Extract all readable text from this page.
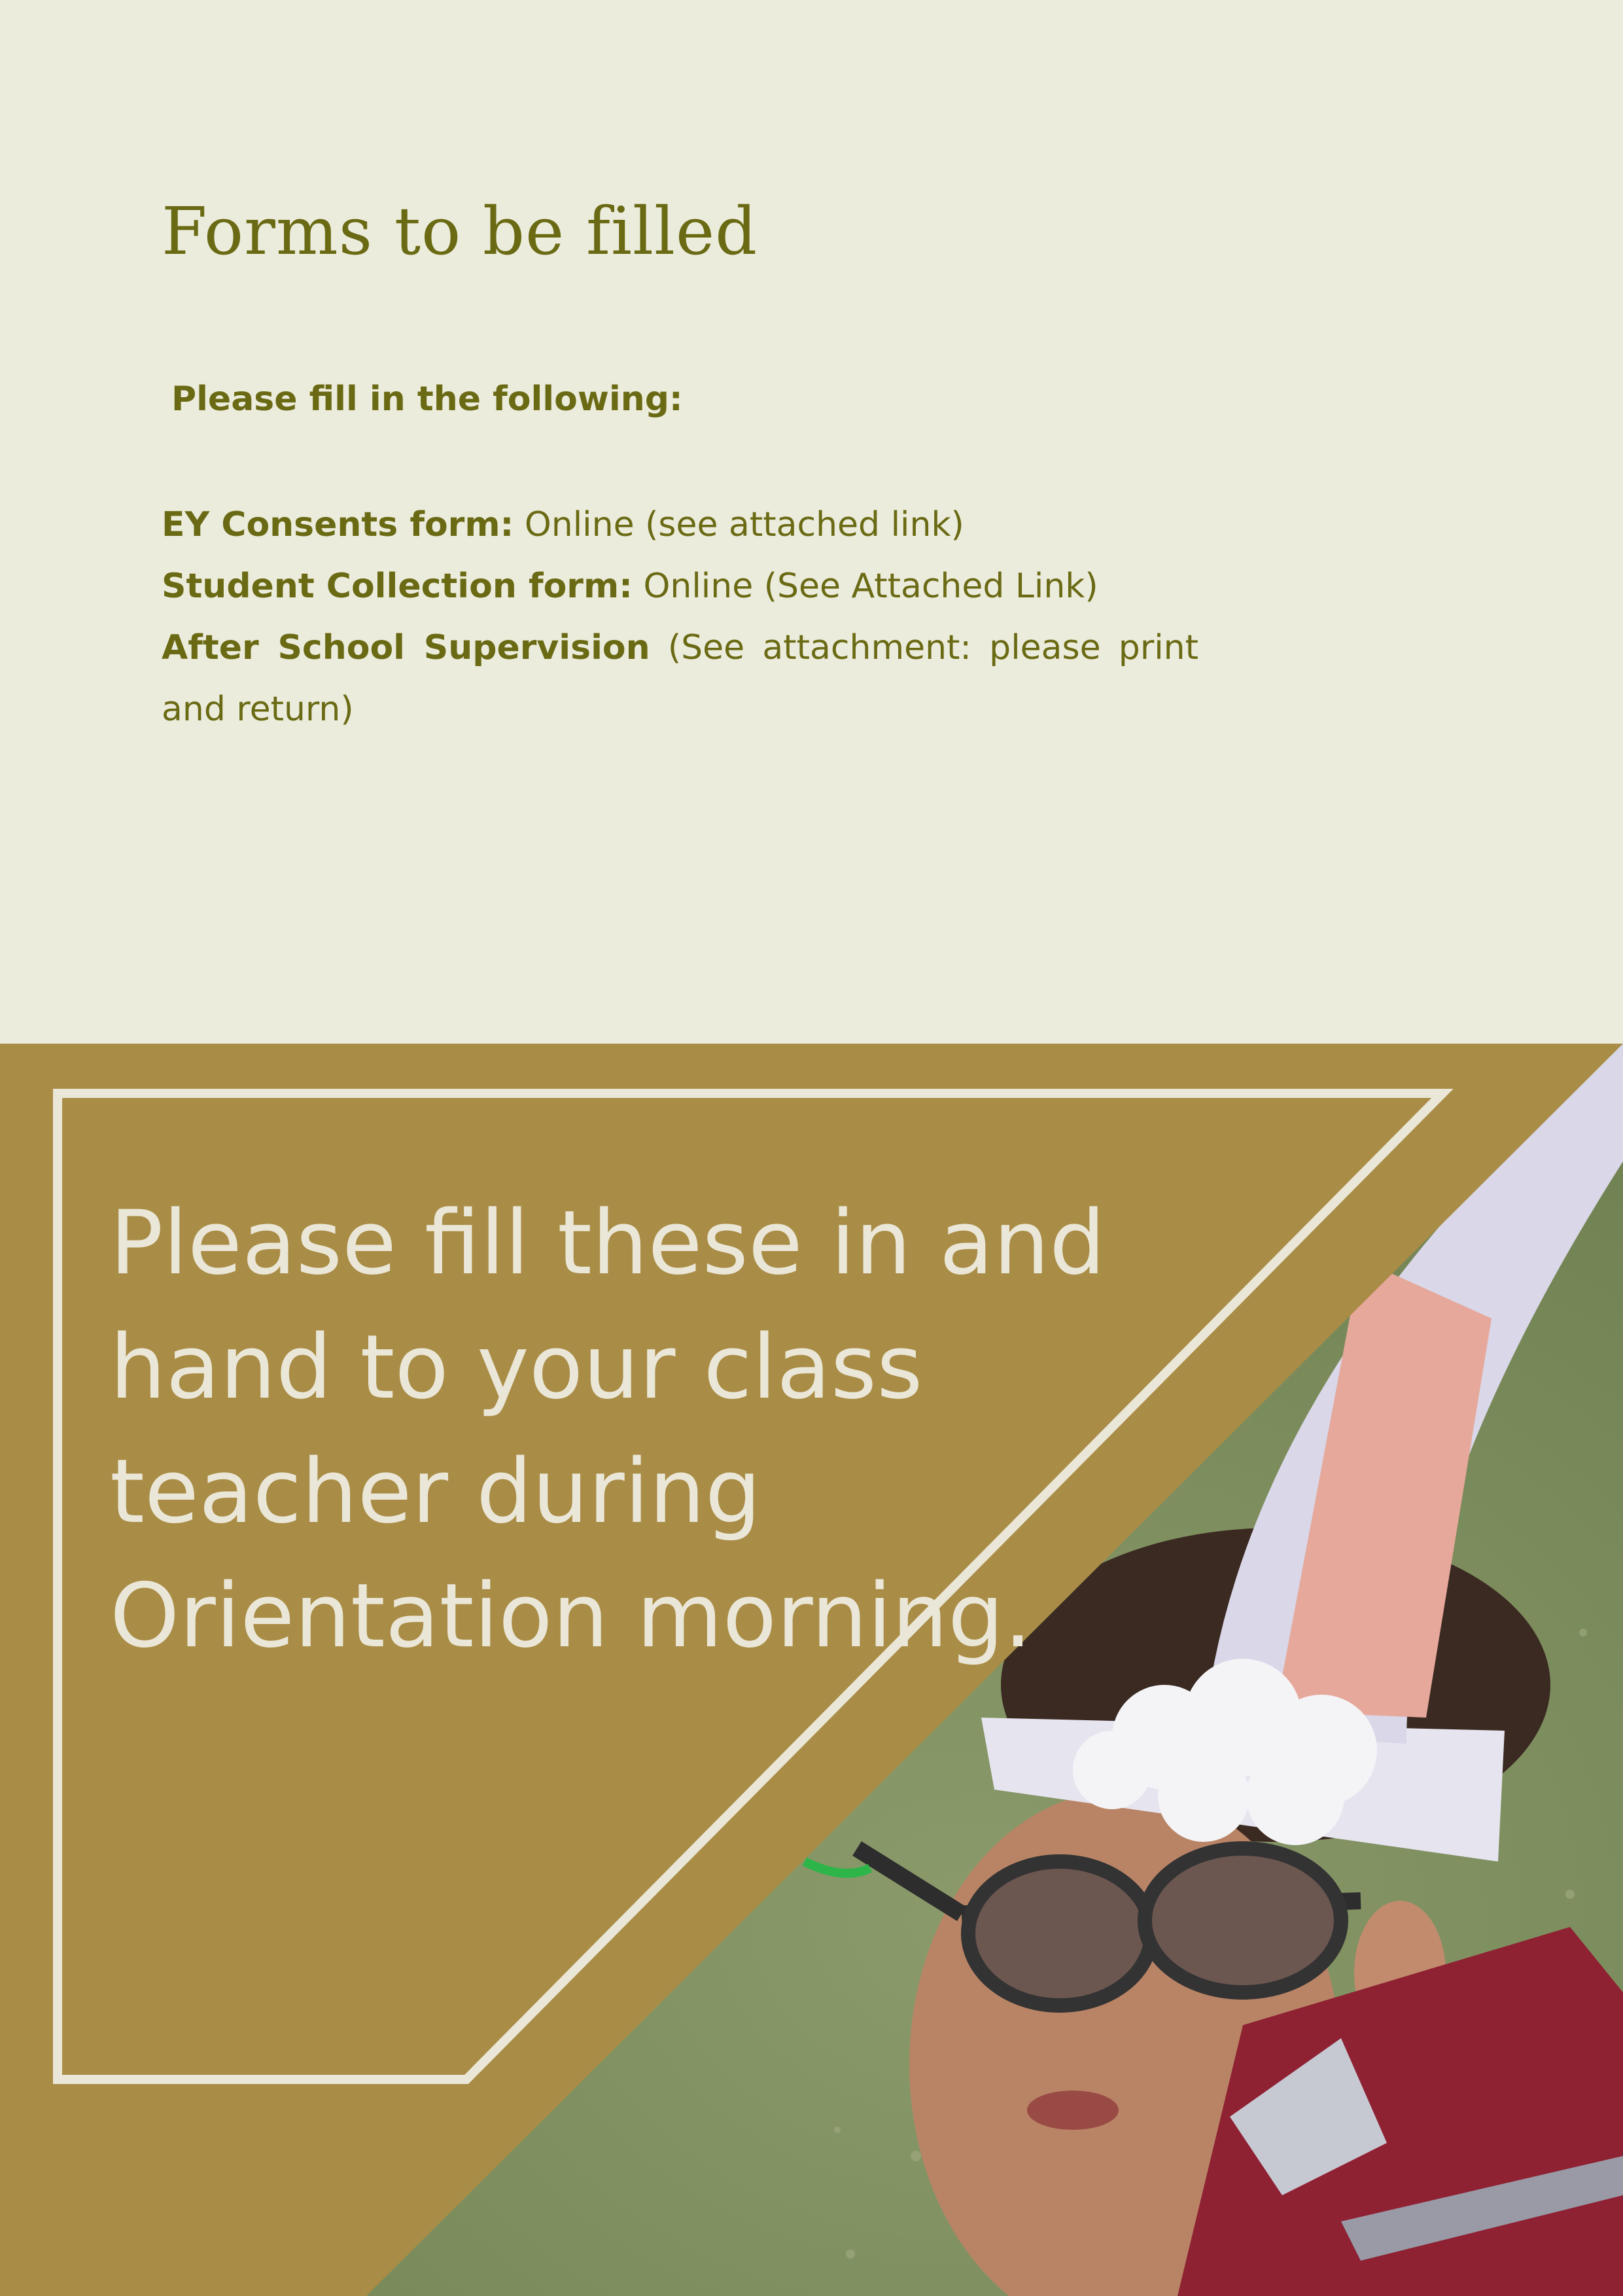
Forms to be filled
Please fill in the following:

EY Consents form: Online (see attached link)

Student Collection form: Online (See Attached Link)

After School Supervision (See attachment: please print and return)

Please fill these in and hand to your class teacher during Orientation morning.
